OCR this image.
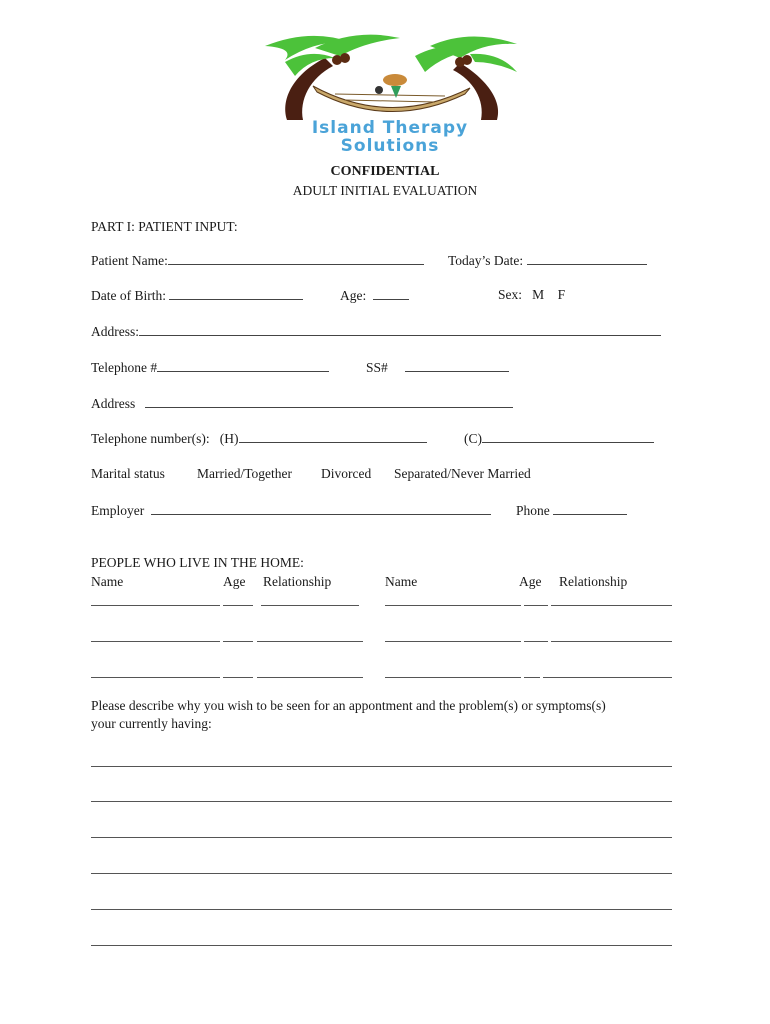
Island Therapy
Solutions
CONFIDENTIAL
ADULT INITIAL EVALUATION
PART I: PATIENT INPUT:
Patient Name:	Today’s Date:
Date of Birth:	Age:	Sex: M F
Address:
Telephone #	SS#
Address
Telephone number(s): (H)	(C)
Marital status Married/Together Divorced Separated/Never Married
Employer	Phone
PEOPLE WHO LIVE IN THE HOME:
Name	Age Relationship	Name	Age Relationship
Please describe why you wish to be seen for an appontment and the problem(s) or symptoms(s)
your currently having:
